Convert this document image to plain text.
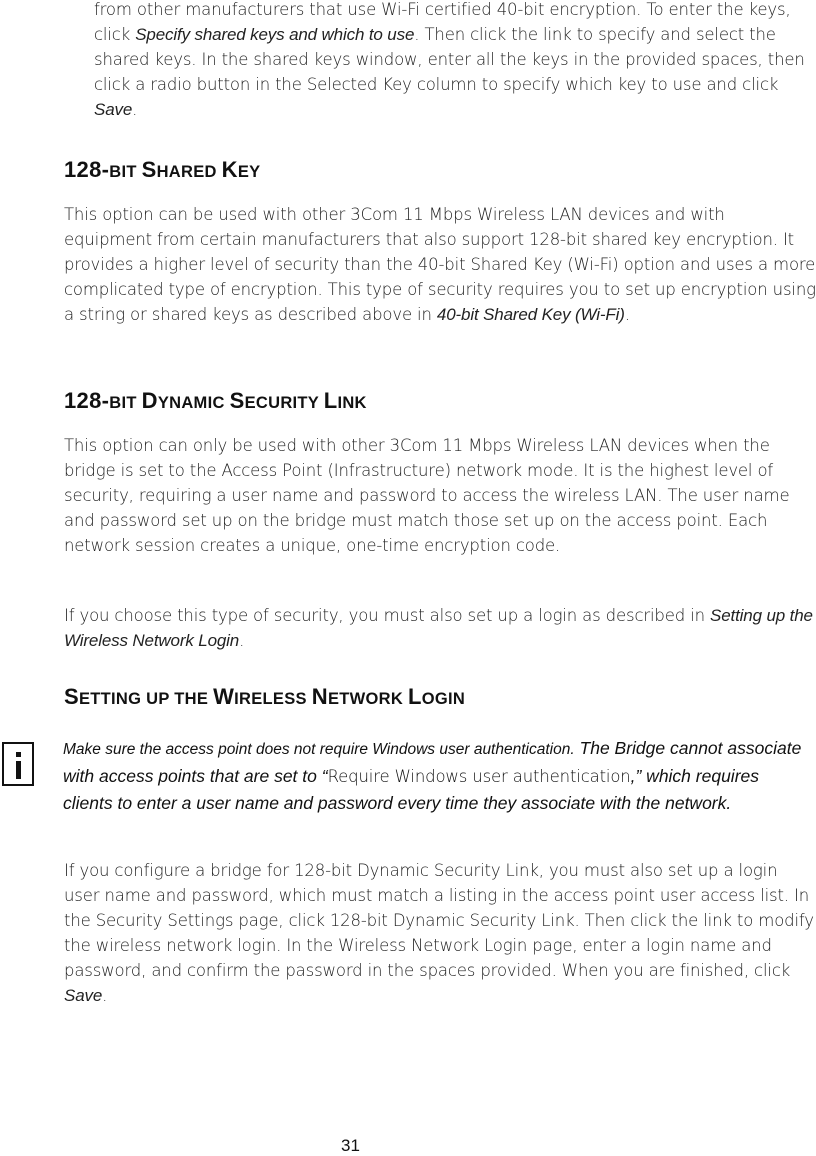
from other manufacturers that use Wi-Fi certified 40-bit encryption. To enter the keys, click Specify shared keys and which to use. Then click the link to specify and select the shared keys. In the shared keys window, enter all the keys in the provided spaces, then click a radio button in the Selected Key column to specify which key to use and click Save.

128-BIT SHARED KEY

This option can be used with other 3Com 11 Mbps Wireless LAN devices and with equipment from certain manufacturers that also support 128-bit shared key encryption. It provides a higher level of security than the 40-bit Shared Key (Wi-Fi) option and uses a more complicated type of encryption. This type of security requires you to set up encryption using a string or shared keys as described above in 40-bit Shared Key (Wi-Fi).

128-BIT DYNAMIC SECURITY LINK

This option can only be used with other 3Com 11 Mbps Wireless LAN devices when the bridge is set to the Access Point (Infrastructure) network mode. It is the highest level of security, requiring a user name and password to access the wireless LAN. The user name and password set up on the bridge must match those set up on the access point. Each network session creates a unique, one-time encryption code.

If you choose this type of security, you must also set up a login as described in Setting up the Wireless Network Login.

SETTING UP THE WIRELESS NETWORK LOGIN

Make sure the access point does not require Windows user authentication. The Bridge cannot associate with access points that are set to “Require Windows user authentication,” which requires clients to enter a user name and password every time they associate with the network.

If you configure a bridge for 128-bit Dynamic Security Link, you must also set up a login user name and password, which must match a listing in the access point user access list. In the Security Settings page, click 128-bit Dynamic Security Link. Then click the link to modify the wireless network login. In the Wireless Network Login page, enter a login name and password, and confirm the password in the spaces provided. When you are finished, click Save.

31
